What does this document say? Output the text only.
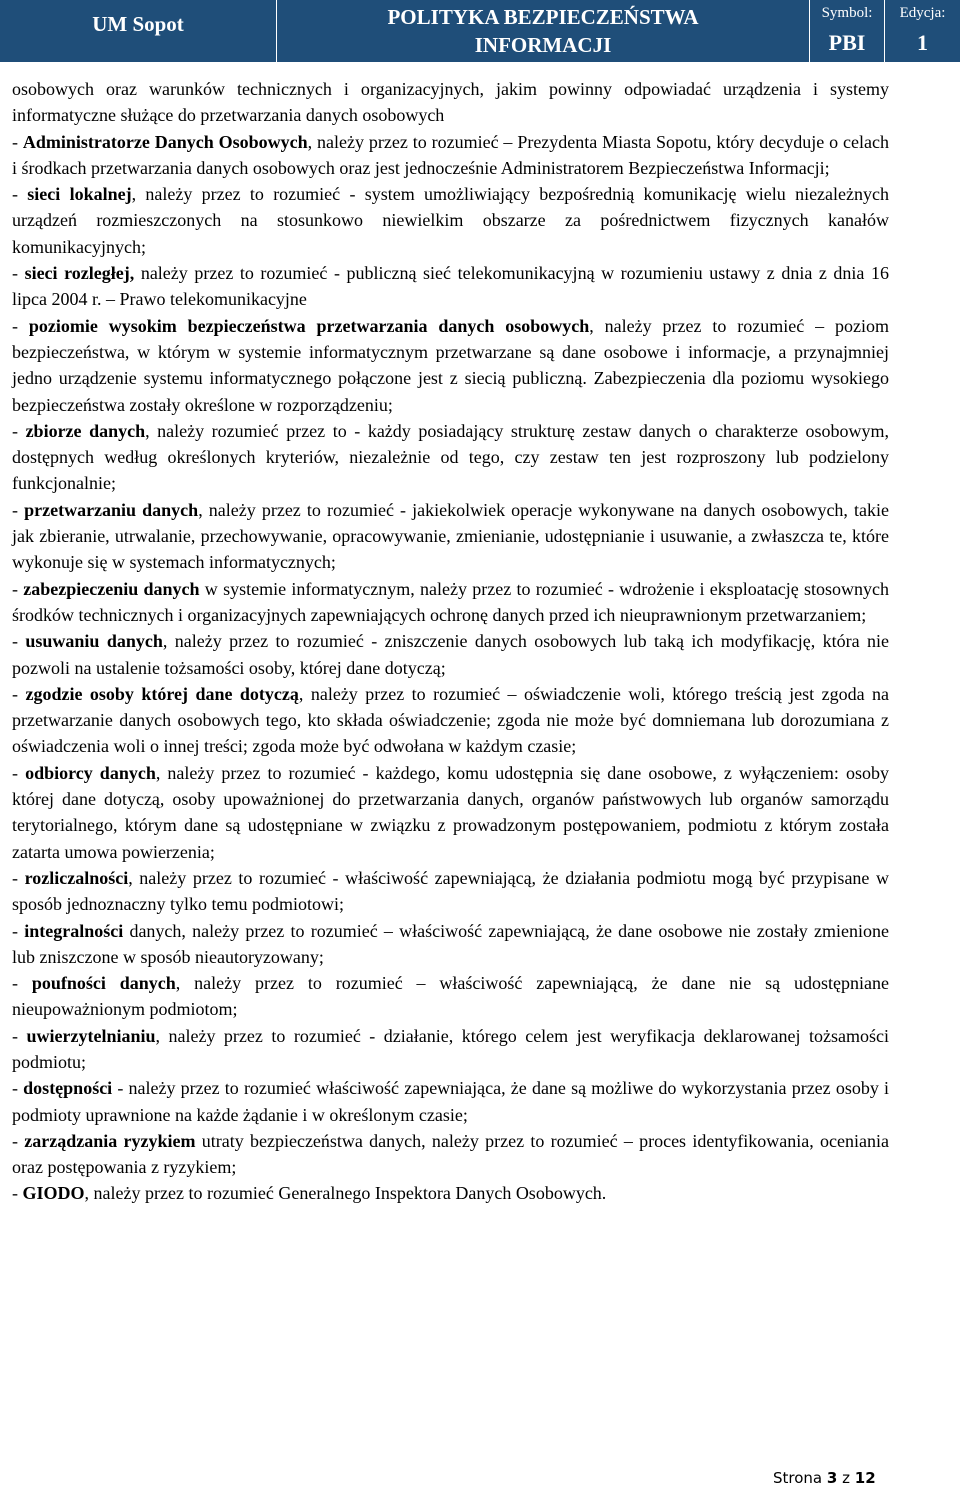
UM Sopot	POLITYKA BEZPIECZEŃSTWA
INFORMACJI
Symbol:
PBI
Edycja:
1

osobowych oraz warunków technicznych i organizacyjnych, jakim powinny odpowiadać urządzenia i systemy informatyczne służące do przetwarzania danych osobowych

- Administratorze Danych Osobowych, należy przez to rozumieć – Prezydenta Miasta Sopotu, który decyduje o celach i środkach przetwarzania danych osobowych oraz jest jednocześnie Administratorem Bezpieczeństwa Informacji;

- sieci lokalnej, należy przez to rozumieć - system umożliwiający bezpośrednią komunikację wielu niezależnych urządzeń rozmieszczonych na stosunkowo niewielkim obszarze za pośrednictwem fizycznych kanałów komunikacyjnych;

- sieci rozległej, należy przez to rozumieć - publiczną sieć telekomunikacyjną w rozumieniu ustawy z dnia z dnia 16 lipca 2004 r. – Prawo telekomunikacyjne

- poziomie wysokim bezpieczeństwa przetwarzania danych osobowych, należy przez to rozumieć – poziom bezpieczeństwa, w którym w systemie informatycznym przetwarzane są dane osobowe i informacje, a przynajmniej jedno urządzenie systemu informatycznego połączone jest z siecią publiczną. Zabezpieczenia dla poziomu wysokiego bezpieczeństwa zostały określone w rozporządzeniu;

- zbiorze danych, należy rozumieć przez to - każdy posiadający strukturę zestaw danych o charakterze osobowym, dostępnych według określonych kryteriów, niezależnie od tego, czy zestaw ten jest rozproszony lub podzielony funkcjonalnie;

- przetwarzaniu danych, należy przez to rozumieć - jakiekolwiek operacje wykonywane na danych osobowych, takie jak zbieranie, utrwalanie, przechowywanie, opracowywanie, zmienianie, udostępnianie i usuwanie, a zwłaszcza te, które wykonuje się w systemach informatycznych;

- zabezpieczeniu danych w systemie informatycznym, należy przez to rozumieć - wdrożenie i eksploatację stosownych środków technicznych i organizacyjnych zapewniających ochronę danych przed ich nieuprawnionym przetwarzaniem;

- usuwaniu danych, należy przez to rozumieć - zniszczenie danych osobowych lub taką ich modyfikację, która nie pozwoli na ustalenie tożsamości osoby, której dane dotyczą;

- zgodzie osoby której dane dotyczą, należy przez to rozumieć – oświadczenie woli, którego treścią jest zgoda na przetwarzanie danych osobowych tego, kto składa oświadczenie; zgoda nie może być domniemana lub dorozumiana z oświadczenia woli o innej treści; zgoda może być odwołana w każdym czasie;

- odbiorcy danych, należy przez to rozumieć - każdego, komu udostępnia się dane osobowe, z wyłączeniem: osoby której dane dotyczą, osoby upoważnionej do przetwarzania danych, organów państwowych lub organów samorządu terytorialnego, którym dane są udostępniane w związku z prowadzonym postępowaniem, podmiotu z którym została zatarta umowa powierzenia;

- rozliczalności, należy przez to rozumieć - właściwość zapewniającą, że działania podmiotu mogą być przypisane w sposób jednoznaczny tylko temu podmiotowi;

- integralności danych, należy przez to rozumieć – właściwość zapewniającą, że dane osobowe nie zostały zmienione lub zniszczone w sposób nieautoryzowany;

- poufności danych, należy przez to rozumieć – właściwość zapewniającą, że dane nie są udostępniane nieupoważnionym podmiotom;

- uwierzytelnianiu, należy przez to rozumieć - działanie, którego celem jest weryfikacja deklarowanej tożsamości podmiotu;

- dostępności - należy przez to rozumieć właściwość zapewniająca, że dane są możliwe do wykorzystania przez osoby i podmioty uprawnione na każde żądanie i w określonym czasie;

- zarządzania ryzykiem utraty bezpieczeństwa danych, należy przez to rozumieć – proces identyfikowania, oceniania oraz postępowania z ryzykiem;

- GIODO, należy przez to rozumieć Generalnego Inspektora Danych Osobowych.

Strona 3 z 12
